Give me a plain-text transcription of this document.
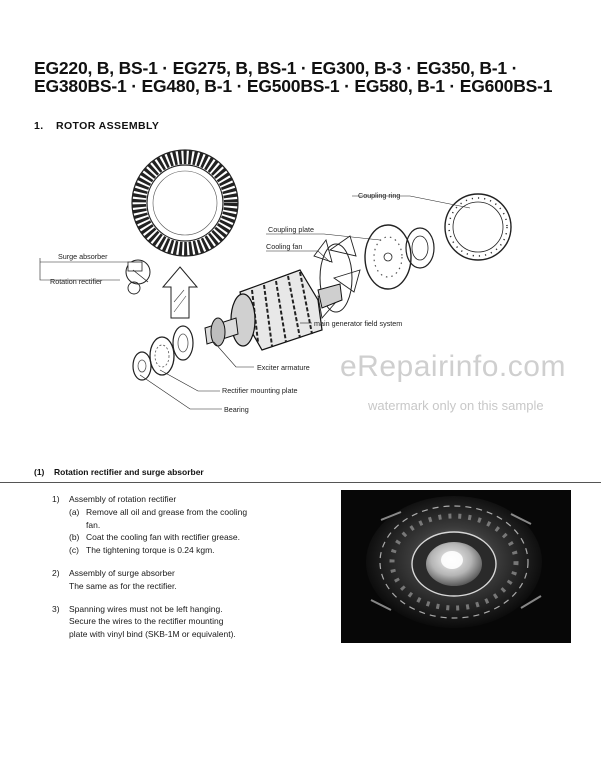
EG220, B, BS-1 · EG275, B, BS-1 · EG300, B-3 · EG350, B-1 ·
EG380BS-1 · EG480, B-1 · EG500BS-1 · EG580, B-1 · EG600BS-1
1. ROTOR ASSEMBLY
Coupling ring
Coupling plate
Cooling fan
Surge absorber
Rotation rectifier
main generator field system
Exciter armature
Rectifier mounting plate
Bearing
eRepairinfo.com
watermark only on this sample
(1) Rotation rectifier and surge absorber
1)	Assembly of rotation rectifier
(a) Remove all oil and grease from the cooling
fan.
(b) Coat the cooling fan with rectifier grease.
(c) The tightening torque is 0.24 kgm.
2)	Assembly of surge absorber
The same as for the rectifier.
3)	Spanning wires must not be left hanging.
Secure the wires to the rectifier mounting
plate with vinyl bind (SKB-1M or equivalent).
